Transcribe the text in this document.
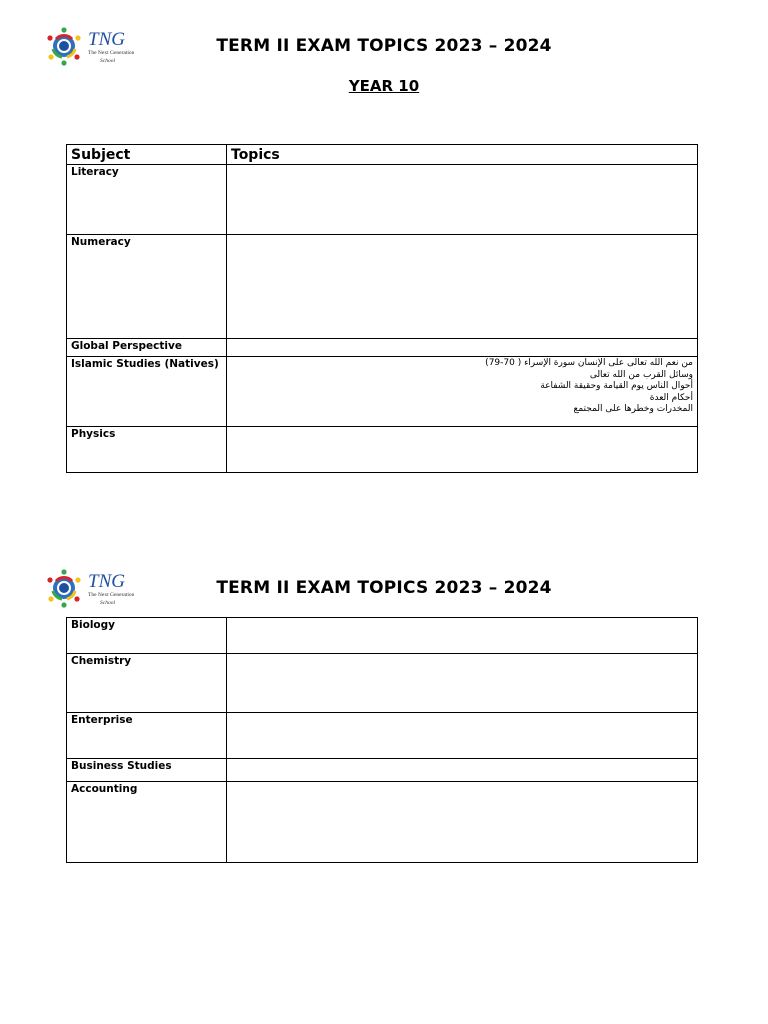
TNG
The Next Generation
School
TERM II EXAM TOPICS 2023 – 2024
YEAR 10
Subject	Topics
Literacy	
Numeracy	
Global Perspective	
Islamic Studies (Natives)	من نعم الله تعالى على الإنسان سورة الإسراء ( 70-79)
وسائل القرب من الله تعالى
أحوال الناس يوم القيامة وحقيقة الشفاعة
أحكام العدة
المخدرات وخطرها على المجتمع

Physics	
TNG
The Next Generation
School
TERM II EXAM TOPICS 2023 – 2024
Biology	
Chemistry	
Enterprise	
Business Studies	
Accounting	
